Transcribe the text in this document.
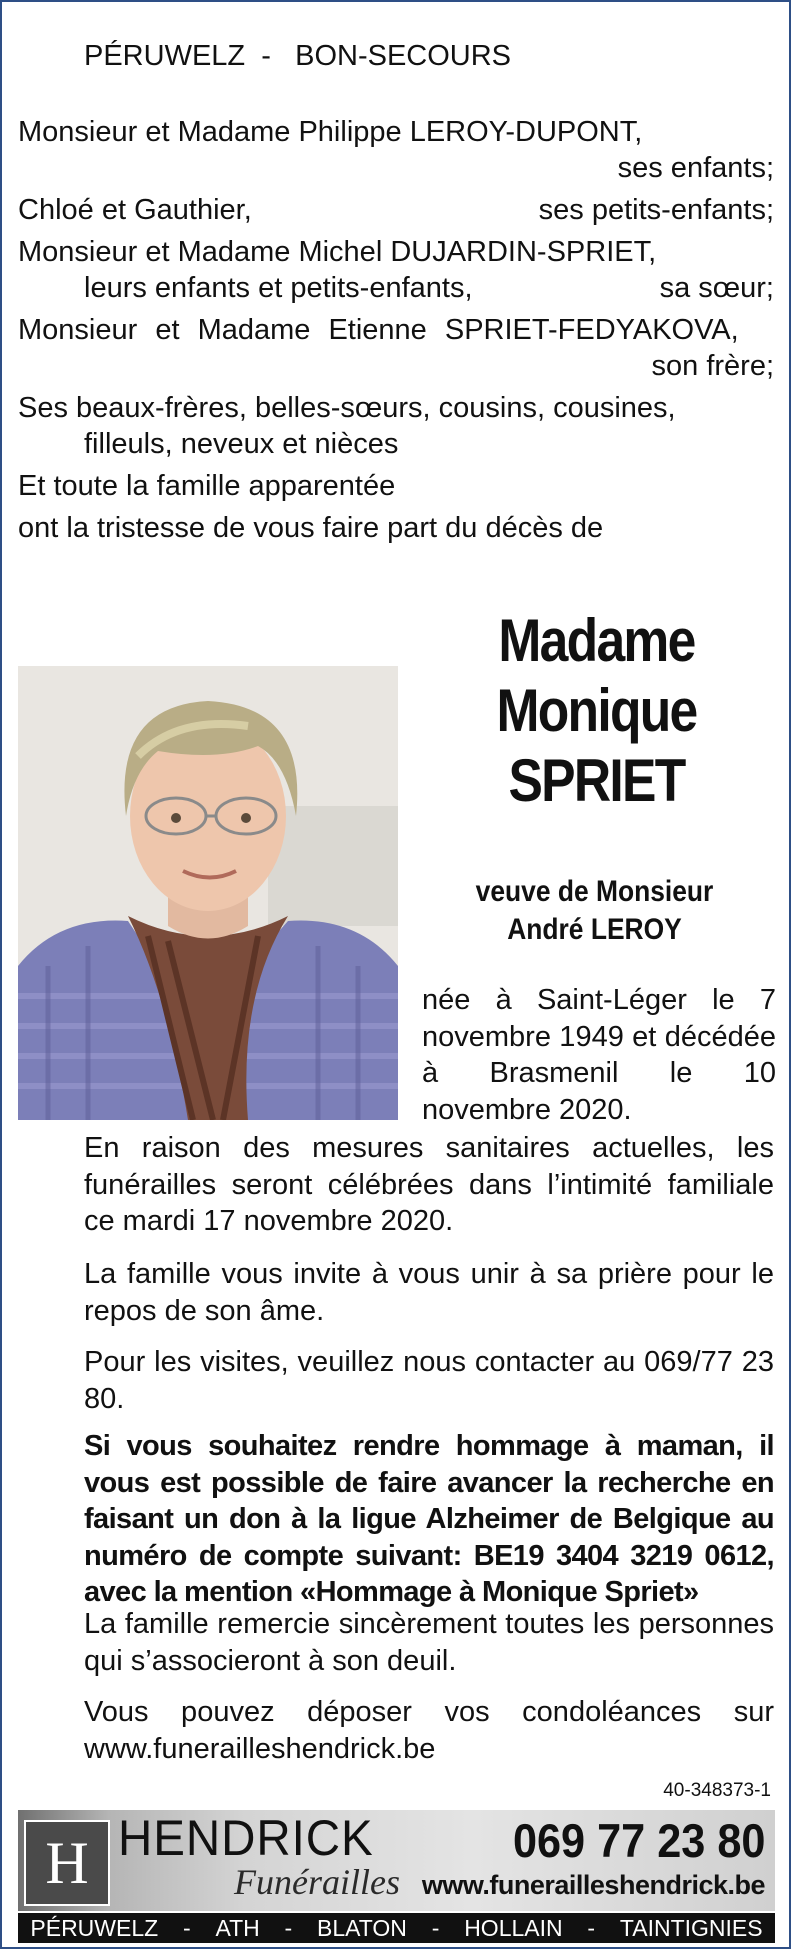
PÉRUWELZ - BON-SECOURS
Monsieur et Madame Philippe LEROY-DUPONT,
ses enfants;
Chloé et Gauthier,	ses petits-enfants;
Monsieur et Madame Michel DUJARDIN-SPRIET,
leurs enfants et petits-enfants,	sa sœur;
Monsieur et Madame Etienne SPRIET-FEDYAKOVA,
son frère;
Ses beaux-frères, belles-sœurs, cousins, cousines,
filleuls, neveux et nièces
Et toute la famille apparentée
ont la tristesse de vous faire part du décès de
Madame
Monique
SPRIET
veuve de Monsieur
André LEROY
née à Saint-Léger le 7 novembre 1949 et décédée à Brasmenil le 10 novembre 2020.
En raison des mesures sanitaires actuelles, les funérailles seront célébrées dans l’intimité familiale ce mardi 17 novembre 2020.
La famille vous invite à vous unir à sa prière pour le repos de son âme.
Pour les visites, veuillez nous contacter au 069/77 23 80.
Si vous souhaitez rendre hommage à maman, il vous est possible de faire avancer la recherche en faisant un don à la ligue Alzheimer de Belgique au numéro de compte suivant: BE19 3404 3219 0612, avec la mention «Hommage à Monique Spriet»
La famille remercie sincèrement toutes les personnes qui s’associeront à son deuil.
Vous pouvez déposer vos condoléances sur www.funerailleshendrick.be
40-348373-1
H HENDRICK
Funérailles
069 77 23 80
www.funerailleshendrick.be
PÉRUWELZ - ATH - BLATON - HOLLAIN - TAINTIGNIES
